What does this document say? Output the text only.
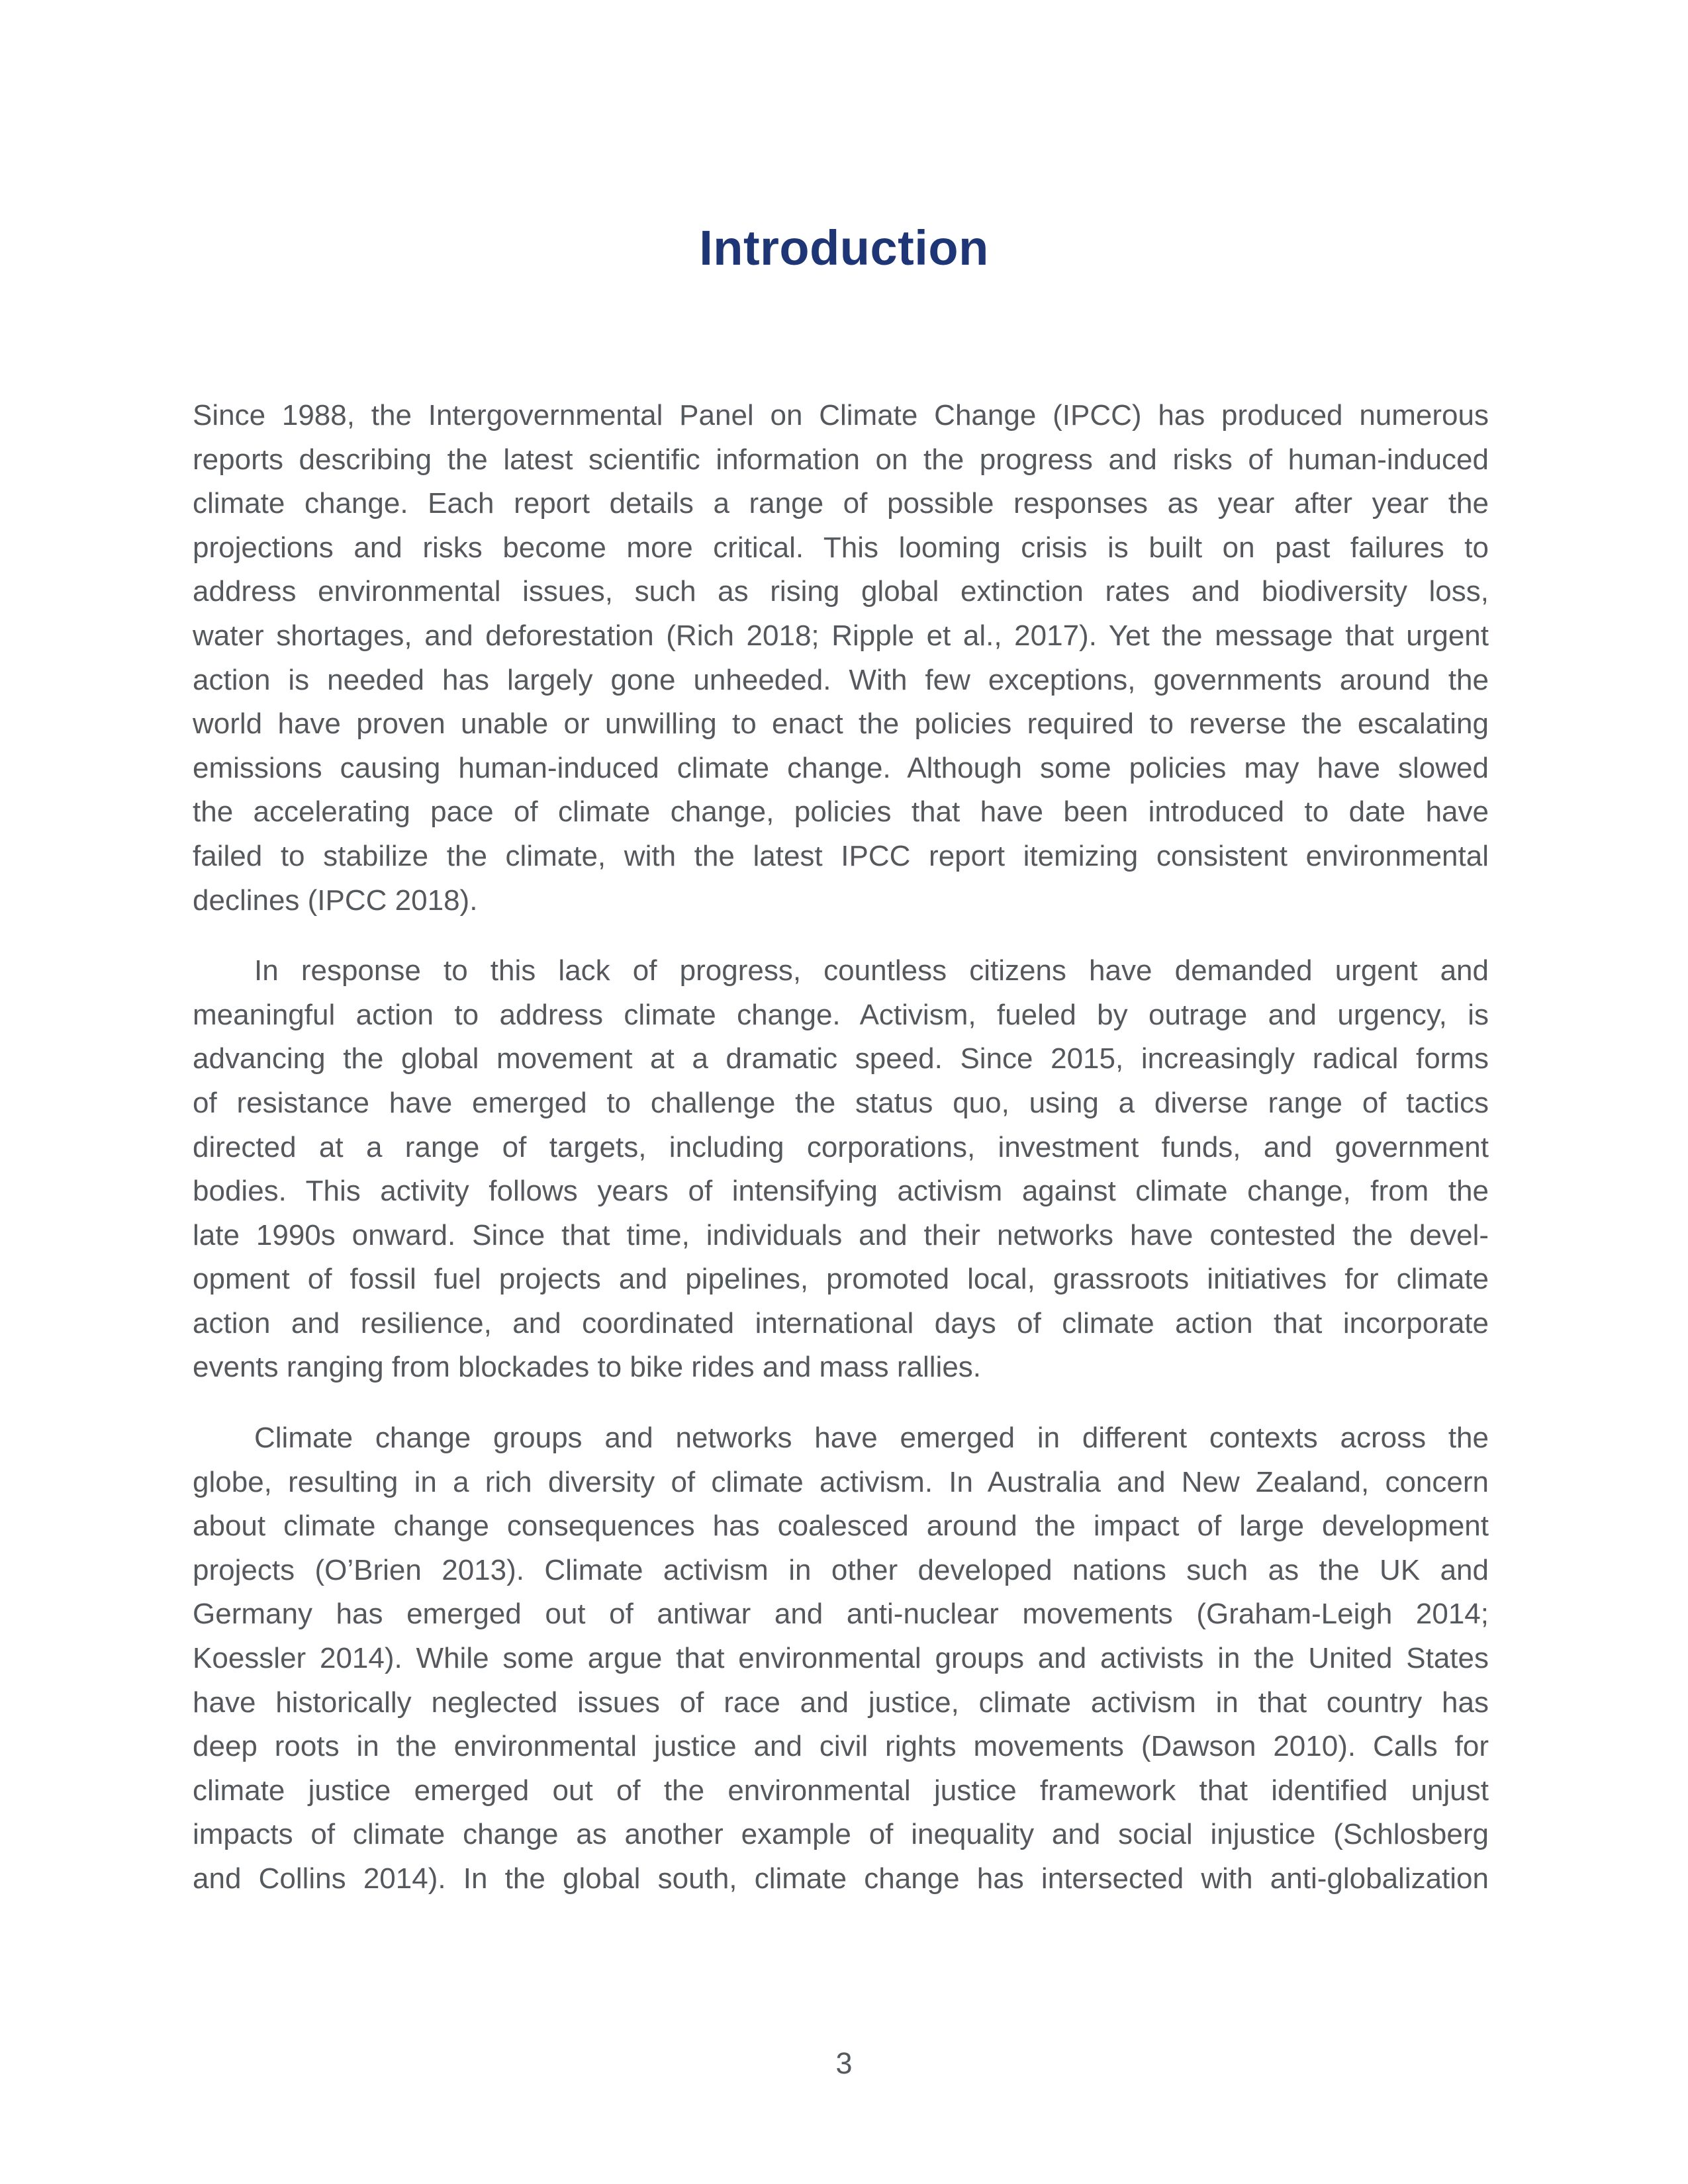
Introduction
Since 1988, the Intergovernmental Panel on Climate Change (IPCC) has produced numerous
reports describing the latest scientific information on the progress and risks of human-induced
climate change. Each report details a range of possible responses as year after year the
projections and risks become more critical. This looming crisis is built on past failures to
address environmental issues, such as rising global extinction rates and biodiversity loss,
water shortages, and deforestation (Rich 2018; Ripple et al., 2017). Yet the message that urgent
action is needed has largely gone unheeded. With few exceptions, governments around the
world have proven unable or unwilling to enact the policies required to reverse the escalating
emissions causing human-induced climate change. Although some policies may have slowed
the accelerating pace of climate change, policies that have been introduced to date have
failed to stabilize the climate, with the latest IPCC report itemizing consistent environmental
declines (IPCC 2018).
In response to this lack of progress, countless citizens have demanded urgent and
meaningful action to address climate change. Activism, fueled by outrage and urgency, is
advancing the global movement at a dramatic speed. Since 2015, increasingly radical forms
of resistance have emerged to challenge the status quo, using a diverse range of tactics
directed at a range of targets, including corporations, investment funds, and government
bodies. This activity follows years of intensifying activism against climate change, from the
late 1990s onward. Since that time, individuals and their networks have contested the devel-
opment of fossil fuel projects and pipelines, promoted local, grassroots initiatives for climate
action and resilience, and coordinated international days of climate action that incorporate
events ranging from blockades to bike rides and mass rallies.
Climate change groups and networks have emerged in different contexts across the
globe, resulting in a rich diversity of climate activism. In Australia and New Zealand, concern
about climate change consequences has coalesced around the impact of large development
projects (O’Brien 2013). Climate activism in other developed nations such as the UK and
Germany has emerged out of antiwar and anti-nuclear movements (Graham-Leigh 2014;
Koessler 2014). While some argue that environmental groups and activists in the United States
have historically neglected issues of race and justice, climate activism in that country has
deep roots in the environmental justice and civil rights movements (Dawson 2010). Calls for
climate justice emerged out of the environmental justice framework that identified unjust
impacts of climate change as another example of inequality and social injustice (Schlosberg
and Collins 2014). In the global south, climate change has intersected with anti-globalization
3
